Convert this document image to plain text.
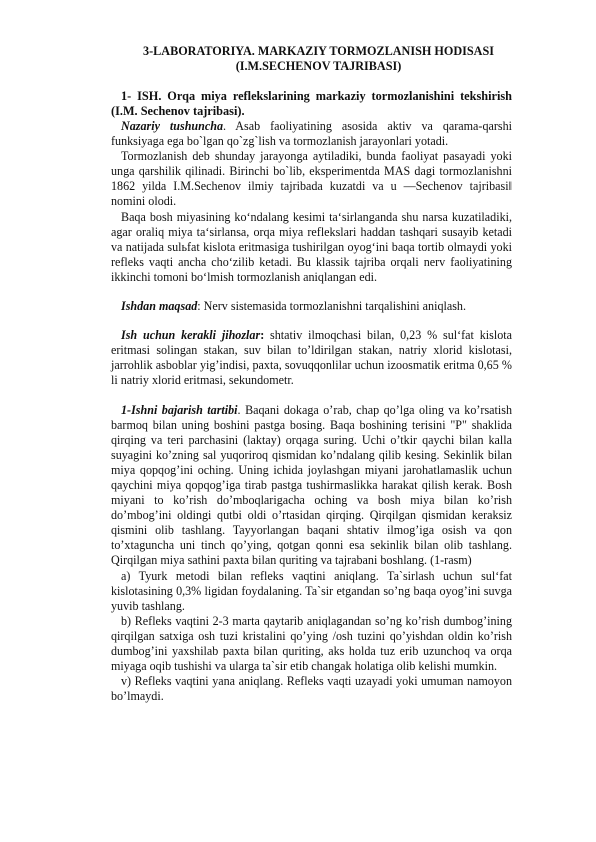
3-LABORATORIYA. MARKAZIY TORMOZLANISH HODISASI
(I.M.SECHENOV TAJRIBASI)
1- ISH. Orqa miya reflekslarining markaziy tormozlanishini tekshirish (I.M. Sechenov tajribasi).

Nazariy tushuncha. Asab faoliyatining asosida aktiv va qarama-qarshi funksiyaga ega bo`lgan qo`zg`lish va tormozlanish jarayonlari yotadi.

Tormozlanish deb shunday jarayonga aytiladiki, bunda faoliyat pasayadi yoki unga qarshilik qilinadi. Birinchi bo`lib, eksperimentda MAS dagi tormozlanishni 1862 yilda I.M.Sechenov ilmiy tajribada kuzatdi va u ―Sechenov tajribasi‖ nomini olodi.

Baqa bosh miyasining ko‘ndalang kesimi ta‘sirlanganda shu narsa kuzatiladiki, agar oraliq miya ta‘sirlansa, orqa miya reflekslari haddan tashqari susayib ketadi va natijada sulьfat kislota eritmasiga tushirilgan oyog‘ini baqa tortib olmaydi yoki refleks vaqti ancha cho‘zilib ketadi. Bu klassik tajriba orqali nerv faoliyatining ikkinchi tomoni bo‘lmish tormozlanish aniqlangan edi.

Ishdan maqsad: Nerv sistemasida tormozlanishni tarqalishini aniqlash.

Ish uchun kerakli jihozlar: shtativ ilmoqchasi bilan, 0,23 % sul‘fat kislota eritmasi solingan stakan, suv bilan to’ldirilgan stakan, natriy xlorid kislotasi, jarrohlik asboblar yig’indisi, paxta, sovuqqonlilar uchun izoosmatik eritma 0,65 % li natriy xlorid eritmasi, sekundometr.

1-Ishni bajarish tartibi. Baqani dokaga o’rab, chap qo’lga oling va ko’rsatish barmoq bilan uning boshini pastga bosing. Baqa boshining terisini "P" shaklida qirqing va teri parchasini (laktay) orqaga suring. Uchi o’tkir qaychi bilan kalla suyagini ko’zning sal yuqoriroq qismidan ko’ndalang qilib kesing. Sekinlik bilan miya qopqog’ini oching. Uning ichida joylashgan miyani jarohatlamaslik uchun qaychini miya qopqog’iga tirab pastga tushirmaslikka harakat qilish kerak. Bosh miyani to ko’rish do’mboqlarigacha oching va bosh miya bilan ko’rish do’mbog’ini oldingi qutbi oldi o’rtasidan qirqing. Qirqilgan qismidan keraksiz qismini olib tashlang. Tayyorlangan baqani shtativ ilmog’iga osish va qon to’xtaguncha uni tinch qo’ying, qotgan qonni esa sekinlik bilan olib tashlang. Qirqilgan miya sathini paxta bilan quriting va tajrabani boshlang. (1-rasm)

a) Tyurk metodi bilan refleks vaqtini aniqlang. Ta`sirlash uchun sul‘fat kislotasining 0,3% ligidan foydalaning. Ta`sir etgandan so’ng baqa oyog’ini suvga yuvib tashlang.

b) Refleks vaqtini 2-3 marta qaytarib aniqlagandan so’ng ko’rish dumbog’ining qirqilgan satxiga osh tuzi kristalini qo’ying /osh tuzini qo’yishdan oldin ko’rish dumbog’ini yaxshilab paxta bilan quriting, aks holda tuz erib uzunchoq va orqa miyaga oqib tushishi va ularga ta`sir etib changak holatiga olib kelishi mumkin.

v) Refleks vaqtini yana aniqlang. Refleks vaqti uzayadi yoki umuman namoyon bo’lmaydi.
